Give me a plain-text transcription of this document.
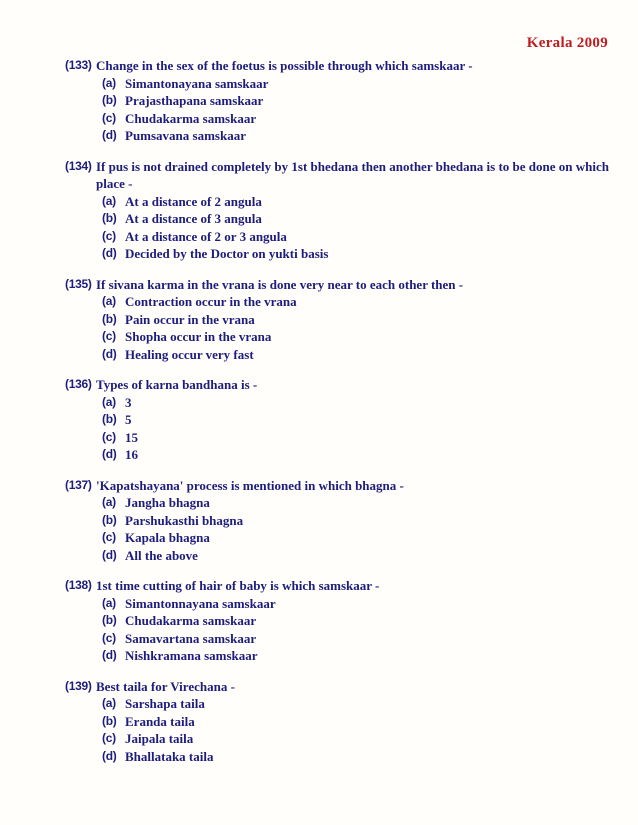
Kerala 2009
(133) Change in the sex of the foetus is possible through which samskaar -
(a) Simantonayana samskaar
(b) Prajasthapana samskaar
(c) Chudakarma samskaar
(d) Pumsavana samskaar
(134) If pus is not drained completely by 1st bhedana then another bhedana is to be done on which place -
(a) At a distance of 2 angula
(b) At a distance of 3 angula
(c) At a distance of 2 or 3 angula
(d) Decided by the Doctor on yukti basis
(135) If sivana karma in the vrana is done very near to each other then -
(a) Contraction occur in the vrana
(b) Pain occur in the vrana
(c) Shopha occur in the vrana
(d) Healing occur very fast
(136) Types of karna bandhana is -
(a) 3
(b) 5
(c) 15
(d) 16
(137) 'Kapatshayana' process is mentioned in which bhagna -
(a) Jangha bhagna
(b) Parshukasthi bhagna
(c) Kapala bhagna
(d) All the above
(138) 1st time cutting of hair of baby is which samskaar -
(a) Simantonnayana samskaar
(b) Chudakarma samskaar
(c) Samavartana samskaar
(d) Nishkramana samskaar
(139) Best taila for Virechana -
(a) Sarshapa taila
(b) Eranda taila
(c) Jaipala taila
(d) Bhallataka taila
